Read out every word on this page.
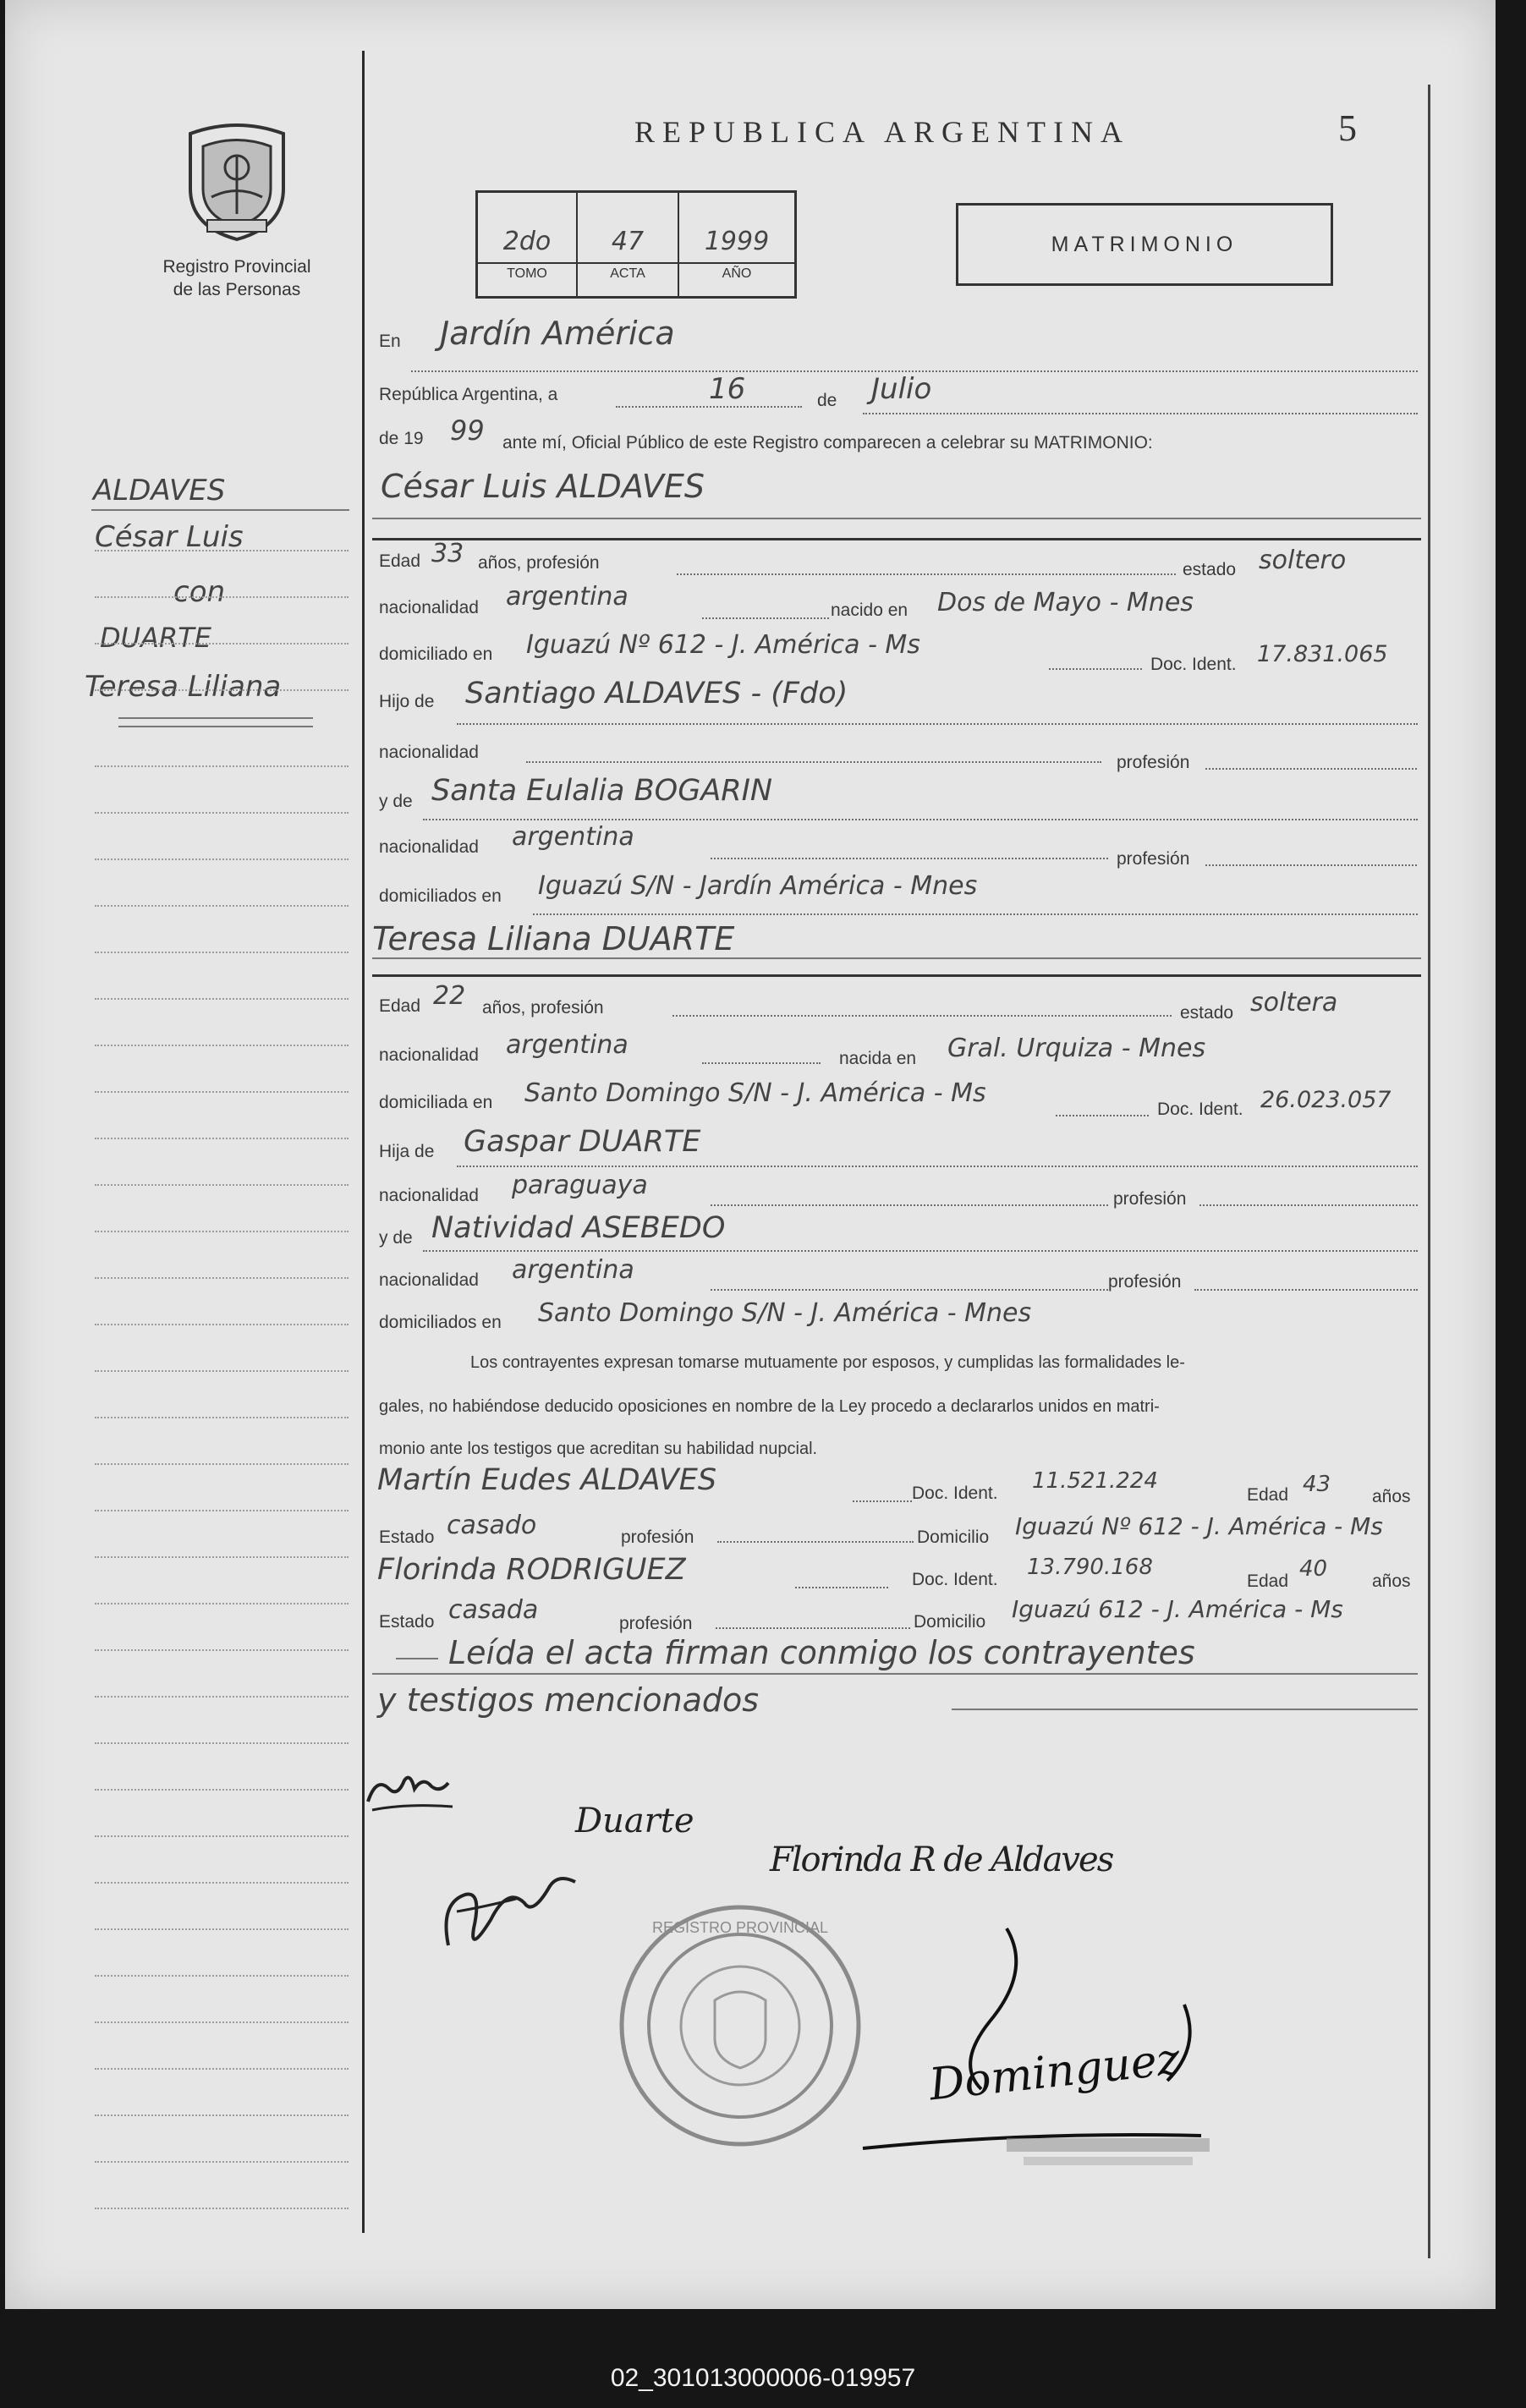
Registro Provincial
de las Personas
REPUBLICA ARGENTINA	5
2do
TOMO
47
ACTA
1999
AÑO
MATRIMONIO
ALDAVES
César Luis
con
DUARTE
Teresa Liliana
En Jardín América
República Argentina, a	16	de Julio
de 19 99 ante mí, Oficial Público de este Registro comparecen a celebrar su MATRIMONIO:
César Luis ALDAVES
Edad 33 años, profesión	estado soltero
nacionalidad argentina	nacido en Dos de Mayo - Mnes
domiciliado en Iguazú Nº 612 - J. América - Ms
Doc. Ident. 17.831.065
Hijo de Santiago ALDAVES - (Fdo)
nacionalidad
profesión
y de Santa Eulalia BOGARIN
nacionalidad argentina
profesión
domiciliados en Iguazú S/N - Jardín América - Mnes
Teresa Liliana DUARTE
Edad 22 años, profesión	estado soltera
nacionalidad argentina	nacida en Gral. Urquiza - Mnes
domiciliada en Santo Domingo S/N - J. América - Ms
Doc. Ident. 26.023.057
Hija de Gaspar DUARTE
nacionalidad paraguaya	profesión
y de Natividad ASEBEDO
nacionalidad argentina	profesión
domiciliados en Santo Domingo S/N - J. América - Mnes
Los contrayentes expresan tomarse mutuamente por esposos, y cumplidas las formalidades le-
gales, no habiéndose deducido oposiciones en nombre de la Ley procedo a declararlos unidos en matri-
monio ante los testigos que acreditan su habilidad nupcial.
Martín Eudes ALDAVES	Doc. Ident. 11.521.224
Edad 43 años
Estado casado	profesión	Domicilio Iguazú Nº 612 - J. América - Ms
Florinda RODRIGUEZ	Doc. Ident. 13.790.168
Edad 40	años
Estado casada	profesión	Domicilio Iguazú 612 - J. América - Ms
Leída el acta firman conmigo los contrayentes
y testigos mencionados
Duarte
Florinda R de Aldaves
REGISTRO PROVINCIAL
Dominguez
02_301013000006-019957
